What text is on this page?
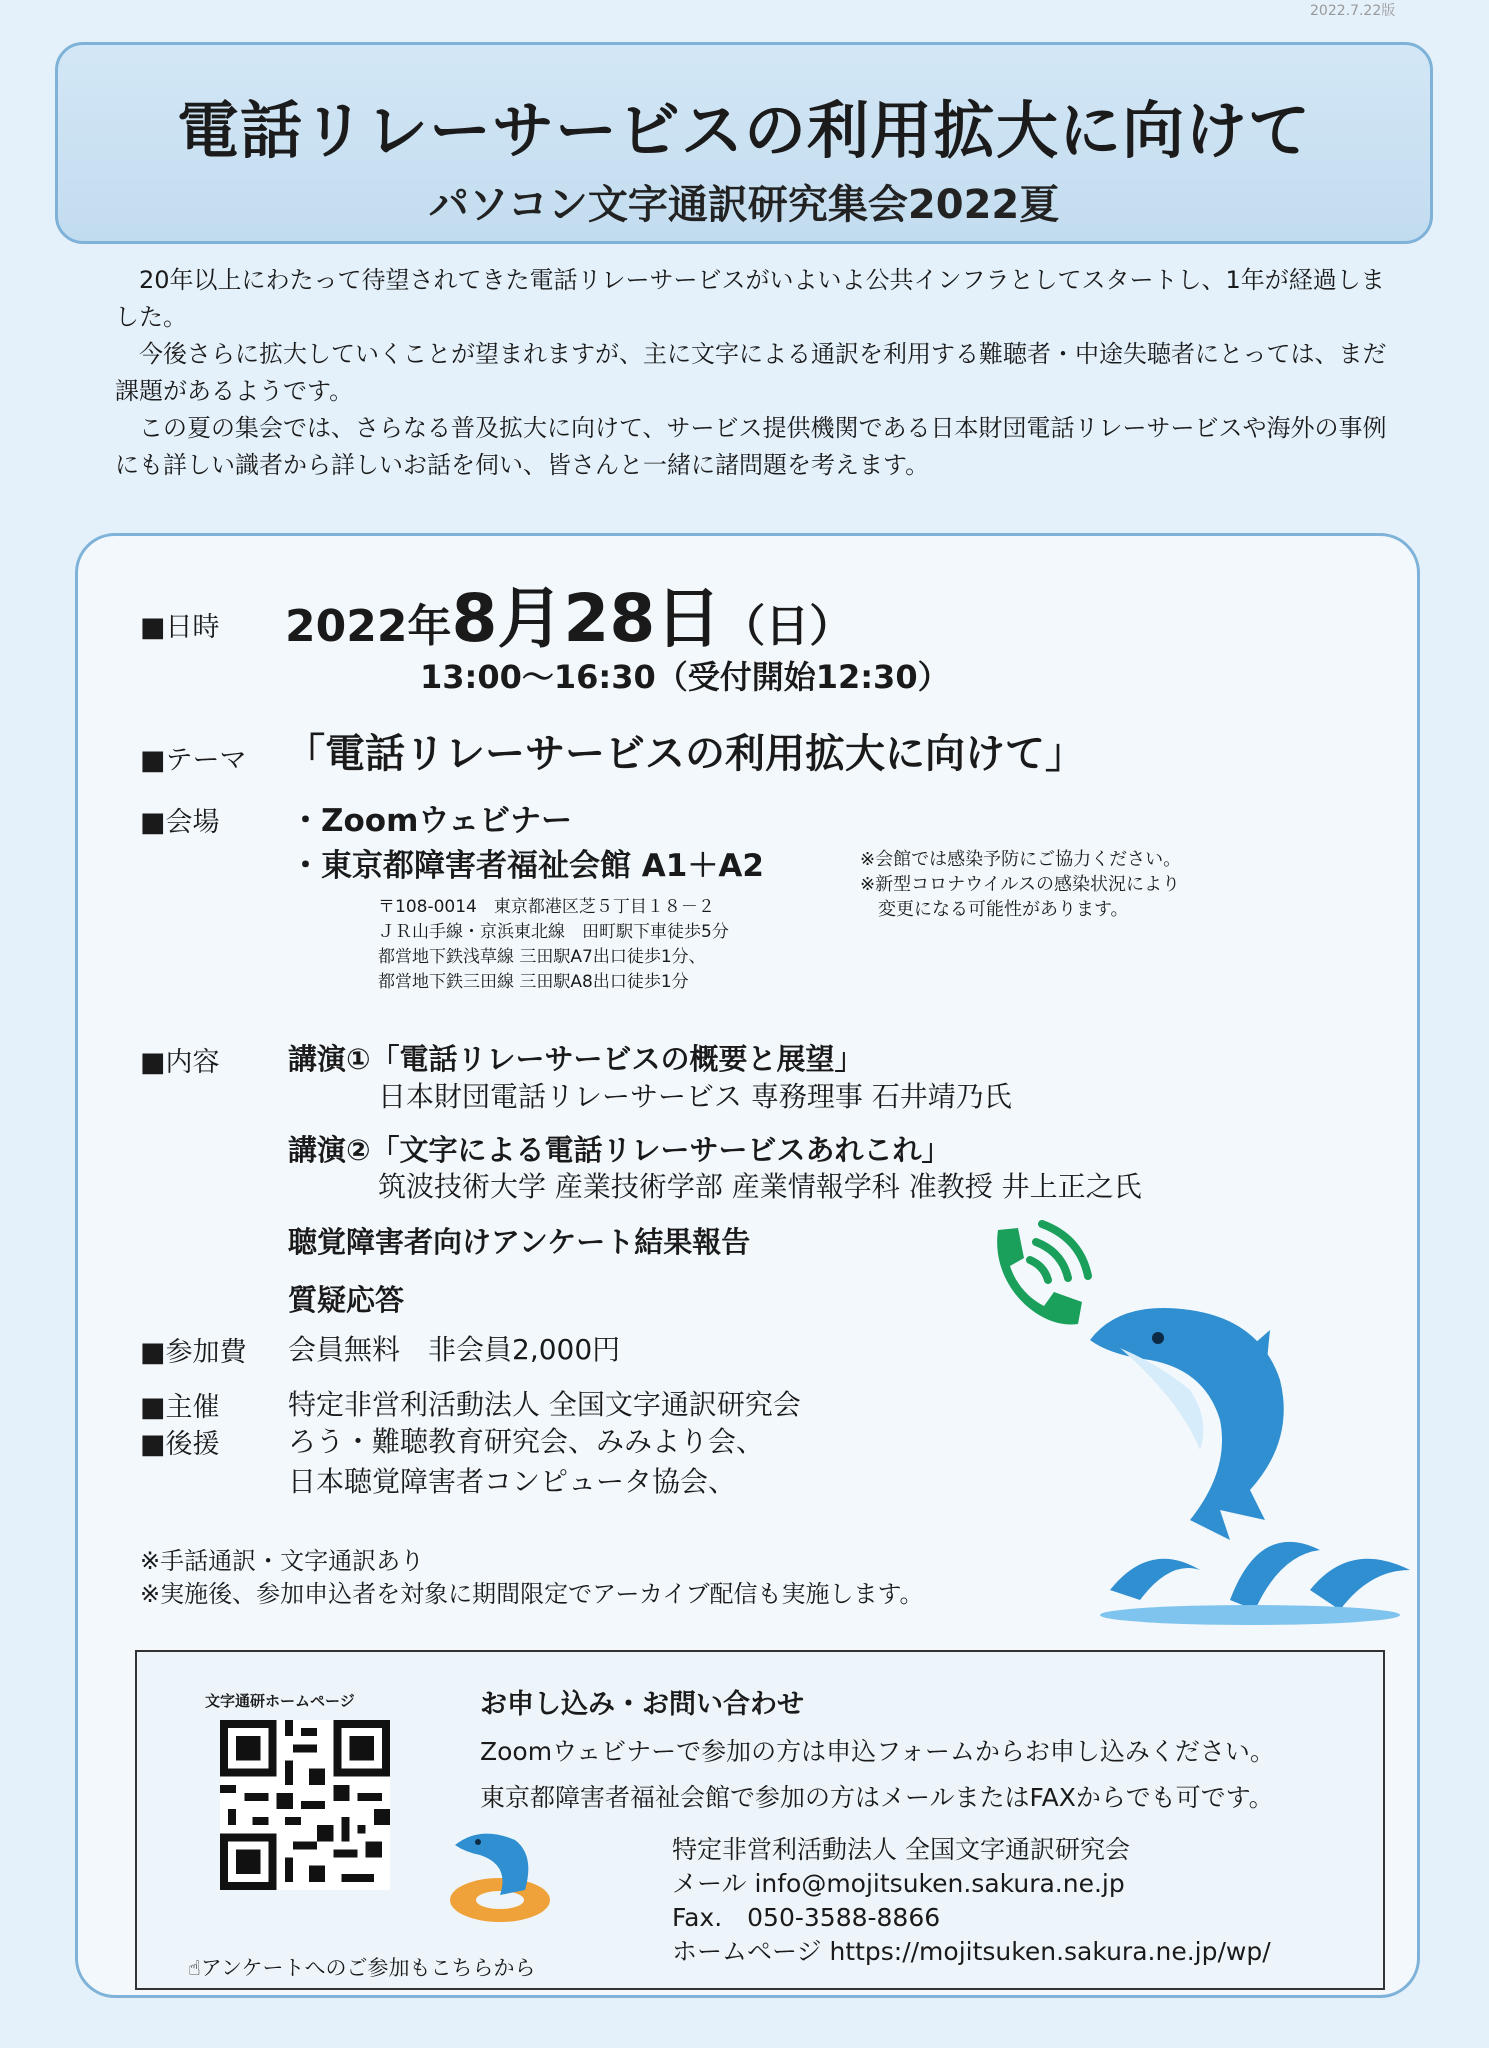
2022.7.22版
電話リレーサービスの利用拡大に向けて
パソコン文字通訳研究集会2022夏

20年以上にわたって待望されてきた電話リレーサービスがいよいよ公共インフラとしてスタートし、1年が経過しました。

今後さらに拡大していくことが望まれますが、主に文字による通訳を利用する難聴者・中途失聴者にとっては、まだ課題があるようです。

この夏の集会では、さらなる普及拡大に向けて、サービス提供機関である日本財団電話リレーサービスや海外の事例にも詳しい識者から詳しいお話を伺い、皆さんと一緒に諸問題を考えます。

■日時 2022年8月28日（日）
13:00～16:30（受付開始12:30）
■テーマ 「電話リレーサービスの利用拡大に向けて」
■会場 ・Zoomウェビナー
・東京都障害者福祉会館 A1＋A2
〒108-0014　東京都港区芝５丁目１８－２
ＪＲ山手線・京浜東北線　田町駅下車徒歩5分
都営地下鉄浅草線 三田駅A7出口徒歩1分、
都営地下鉄三田線 三田駅A8出口徒歩1分
※会館では感染予防にご協力ください。
※新型コロナウイルスの感染状況により
　変更になる可能性があります。
■内容 講演①「電話リレーサービスの概要と展望」
日本財団電話リレーサービス 専務理事 石井靖乃氏
講演②「文字による電話リレーサービスあれこれ」
筑波技術大学 産業技術学部 産業情報学科 准教授 井上正之氏
聴覚障害者向けアンケート結果報告
質疑応答
■参加費 会員無料　非会員2,000円
■主催 特定非営利活動法人 全国文字通訳研究会
■後援 ろう・難聴教育研究会、みみより会、
日本聴覚障害者コンピュータ協会、
※手話通訳・文字通訳あり
※実施後、参加申込者を対象に期間限定でアーカイブ配信も実施します。
文字通研ホームページ	お申し込み・お問い合わせ
Zoomウェビナーで参加の方は申込フォームからお申し込みください。
東京都障害者福祉会館で参加の方はメールまたはFAXからでも可です。
特定非営利活動法人 全国文字通訳研究会
メール info@mojitsuken.sakura.ne.jp
Fax.　050-3588-8866
ホームページ https://mojitsuken.sakura.ne.jp/wp/
☝アンケートへのご参加もこちらから
